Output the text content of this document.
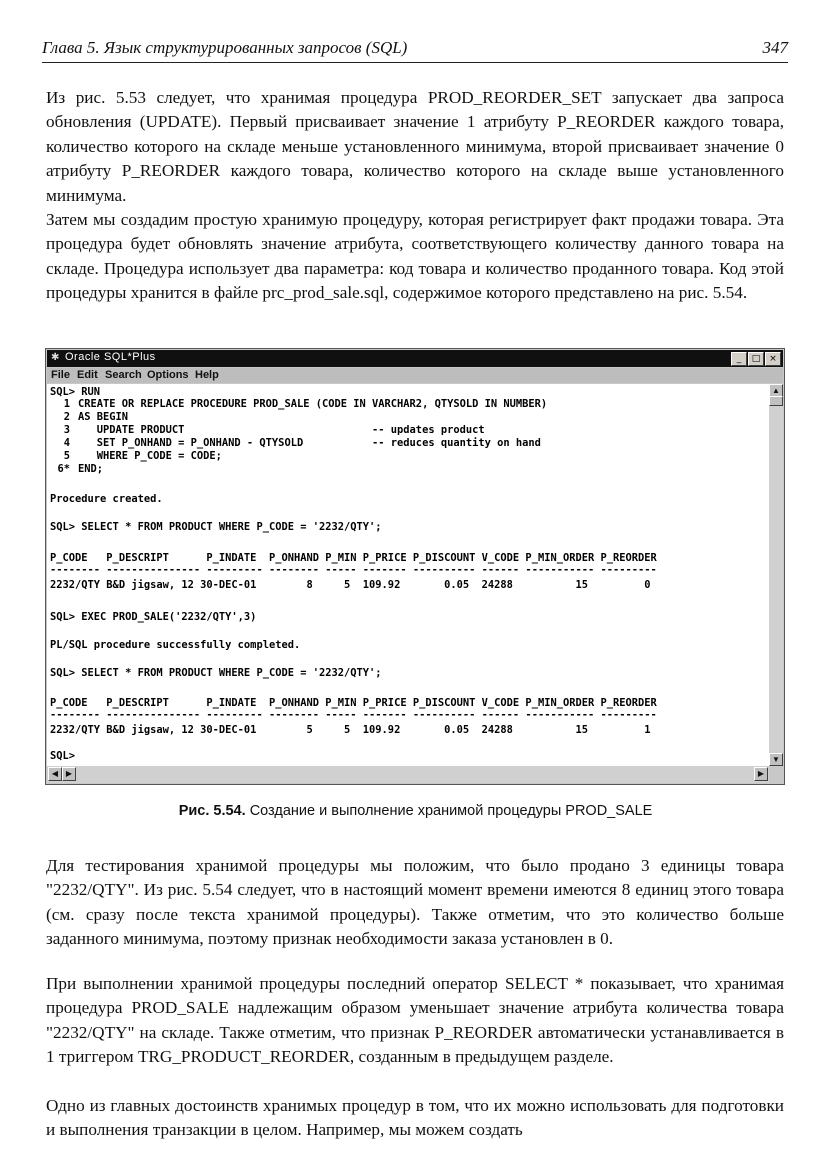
Глава 5. Язык структурированных запросов (SQL)	347

Из рис. 5.53 следует, что хранимая процедура PROD_REORDER_SET запускает два запроса обновления (UPDATE). Первый присваивает значение 1 атрибуту P_REORDER каждого товара, количество которого на складе меньше установленного минимума, второй присваивает значение 0 атрибуту P_REORDER каждого товара, количество которого на складе выше установленного минимума.

Затем мы создадим простую хранимую процедуру, которая регистрирует факт продажи товара. Эта процедура будет обновлять значение атрибута, соответствующего количеству данного товара на складе. Процедура использует два параметра: код товара и количество проданного товара. Код этой процедуры хранится в файле prc_prod_sale.sql, содержимое которого представлено на рис. 5.54.

✱ Oracle SQL*Plus	_	□ ×
File Edit Search Options Help
SQL> RUN
1 CREATE OR REPLACE PROCEDURE PROD_SALE (CODE IN VARCHAR2, QTYSOLD IN NUMBER)
2 AS BEGIN
3   UPDATE PRODUCT                              -- updates product
4   SET P_ONHAND = P_ONHAND - QTYSOLD           -- reduces quantity on hand
5   WHERE P_CODE = CODE;
6* END;
Procedure created.
SQL> SELECT * FROM PRODUCT WHERE P_CODE = '2232/QTY';
P_CODE   P_DESCRIPT      P_INDATE  P_ONHAND P_MIN P_PRICE P_DISCOUNT V_CODE P_MIN_ORDER P_REORDER
-------- --------------- --------- -------- ----- ------- ---------- ------ ----------- ---------
2232/QTY B&D jigsaw, 12 30-DEC-01        8     5  109.92       0.05  24288          15         0
SQL> EXEC PROD_SALE('2232/QTY',3)
PL/SQL procedure successfully completed.
SQL> SELECT * FROM PRODUCT WHERE P_CODE = '2232/QTY';
P_CODE   P_DESCRIPT      P_INDATE  P_ONHAND P_MIN P_PRICE P_DISCOUNT V_CODE P_MIN_ORDER P_REORDER
-------- --------------- --------- -------- ----- ------- ---------- ------ ----------- ---------
2232/QTY B&D jigsaw, 12 30-DEC-01        5     5  109.92       0.05  24288          15         1
SQL>
▲
▼
◀ ▶	▶
Рис. 5.54. Создание и выполнение хранимой процедуры PROD_SALE

Для тестирования хранимой процедуры мы положим, что было продано 3 единицы товара "2232/QTY". Из рис. 5.54 следует, что в настоящий момент времени имеются 8 единиц этого товара (см. сразу после текста хранимой процедуры). Также отметим, что это количество больше заданного минимума, поэтому признак необходимости заказа установлен в 0.

При выполнении хранимой процедуры последний оператор SELECT * показывает, что хранимая процедура PROD_SALE надлежащим образом уменьшает значение атрибута количества товара "2232/QTY" на складе. Также отметим, что признак P_REORDER автоматически устанавливается в 1 триггером TRG_PRODUCT_REORDER, созданным в предыдущем разделе.

Одно из главных достоинств хранимых процедур в том, что их можно использовать для подготовки и выполнения транзакции в целом. Например, мы можем создать
